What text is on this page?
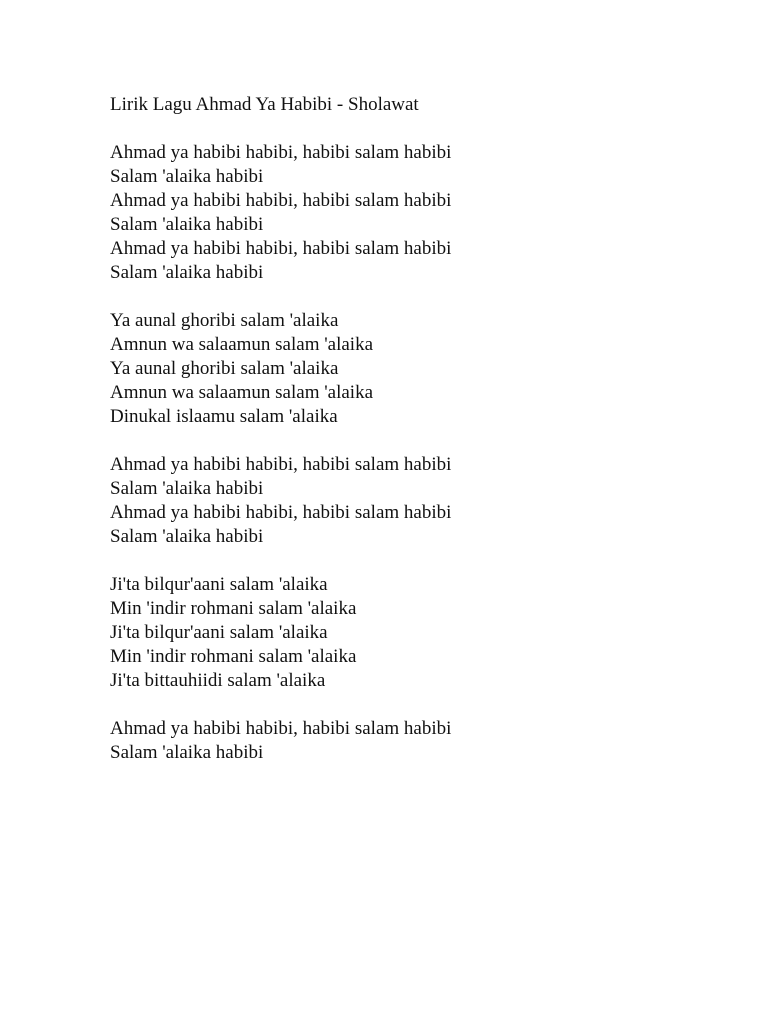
Lirik Lagu Ahmad Ya Habibi - Sholawat
Ahmad ya habibi habibi, habibi salam habibi
Salam 'alaika habibi
Ahmad ya habibi habibi, habibi salam habibi
Salam 'alaika habibi
Ahmad ya habibi habibi, habibi salam habibi
Salam 'alaika habibi
Ya aunal ghoribi salam 'alaika
Amnun wa salaamun salam 'alaika
Ya aunal ghoribi salam 'alaika
Amnun wa salaamun salam 'alaika
Dinukal islaamu salam 'alaika
Ahmad ya habibi habibi, habibi salam habibi
Salam 'alaika habibi
Ahmad ya habibi habibi, habibi salam habibi
Salam 'alaika habibi
Ji'ta bilqur'aani salam 'alaika
Min 'indir rohmani salam 'alaika
Ji'ta bilqur'aani salam 'alaika
Min 'indir rohmani salam 'alaika
Ji'ta bittauhiidi salam 'alaika
Ahmad ya habibi habibi, habibi salam habibi
Salam 'alaika habibi
